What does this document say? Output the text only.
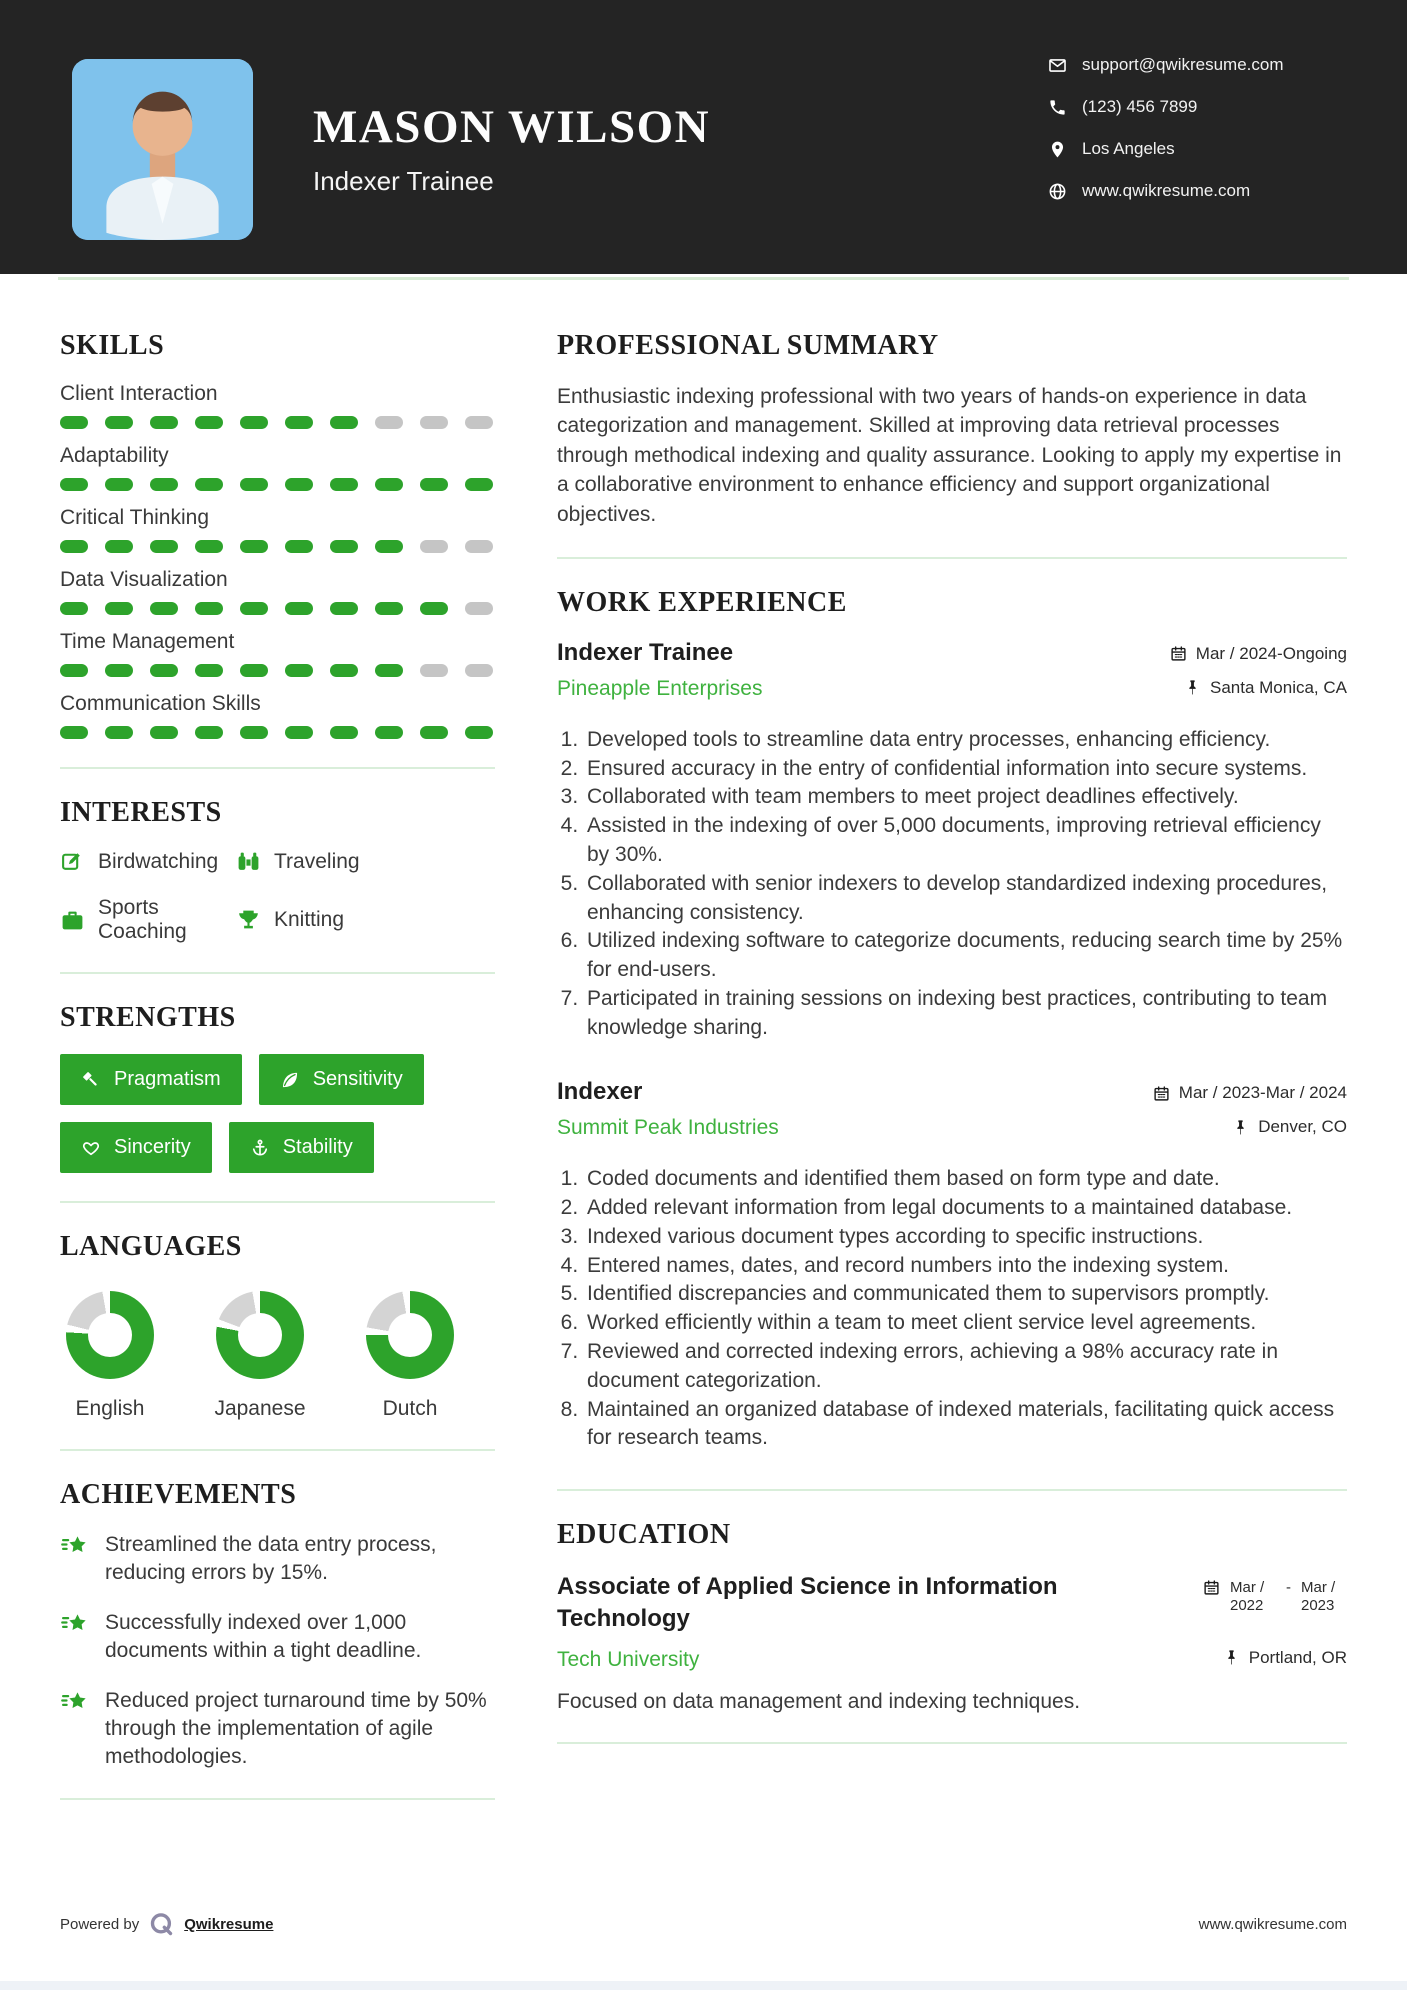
MASON WILSON
Indexer Trainee
support@qwikresume.com
(123) 456 7899
Los Angeles
www.qwikresume.com
SKILLS
Client Interaction
Adaptability
Critical Thinking
Data Visualization
Time Management
Communication Skills
INTERESTS
Birdwatching	Traveling
Sports Coaching
Knitting
STRENGTHS
Pragmatism	Sensitivity
Sincerity	Stability
LANGUAGES
English	Japanese	Dutch
ACHIEVEMENTS
Streamlined the data entry process, reducing errors by 15%.
Successfully indexed over 1,000 documents within a tight deadline.
Reduced project turnaround time by 50% through the implementation of agile methodologies.
PROFESSIONAL SUMMARY

Enthusiastic indexing professional with two years of hands-on experience in data categorization and management. Skilled at improving data retrieval processes through methodical indexing and quality assurance. Looking to apply my expertise in a collaborative environment to enhance efficiency and support organizational objectives.

WORK EXPERIENCE
Indexer Trainee
Pineapple Enterprises
Mar / 2024-Ongoing
Santa Monica, CA
1. Developed tools to streamline data entry processes, enhancing efficiency.
2. Ensured accuracy in the entry of confidential information into secure systems.
3. Collaborated with team members to meet project deadlines effectively.
4. Assisted in the indexing of over 5,000 documents, improving retrieval efficiency by 30%.
5. Collaborated with senior indexers to develop standardized indexing procedures, enhancing consistency.
6. Utilized indexing software to categorize documents, reducing search time by 25% for end-users.
7. Participated in training sessions on indexing best practices, contributing to team knowledge sharing.
Indexer
Summit Peak Industries
Mar / 2023-Mar / 2024
Denver, CO
1. Coded documents and identified them based on form type and date.
2. Added relevant information from legal documents to a maintained database.
3. Indexed various document types according to specific instructions.
4. Entered names, dates, and record numbers into the indexing system.
5. Identified discrepancies and communicated them to supervisors promptly.
6. Worked efficiently within a team to meet client service level agreements.
7. Reviewed and corrected indexing errors, achieving a 98% accuracy rate in document categorization.
8. Maintained an organized database of indexed materials, facilitating quick access for research teams.
EDUCATION

Associate of Applied Science in Information Technology

Mar / 2022
- Mar / 2023
Tech University	Portland, OR

Focused on data management and indexing techniques.

Powered by	Qwikresume	www.qwikresume.com
